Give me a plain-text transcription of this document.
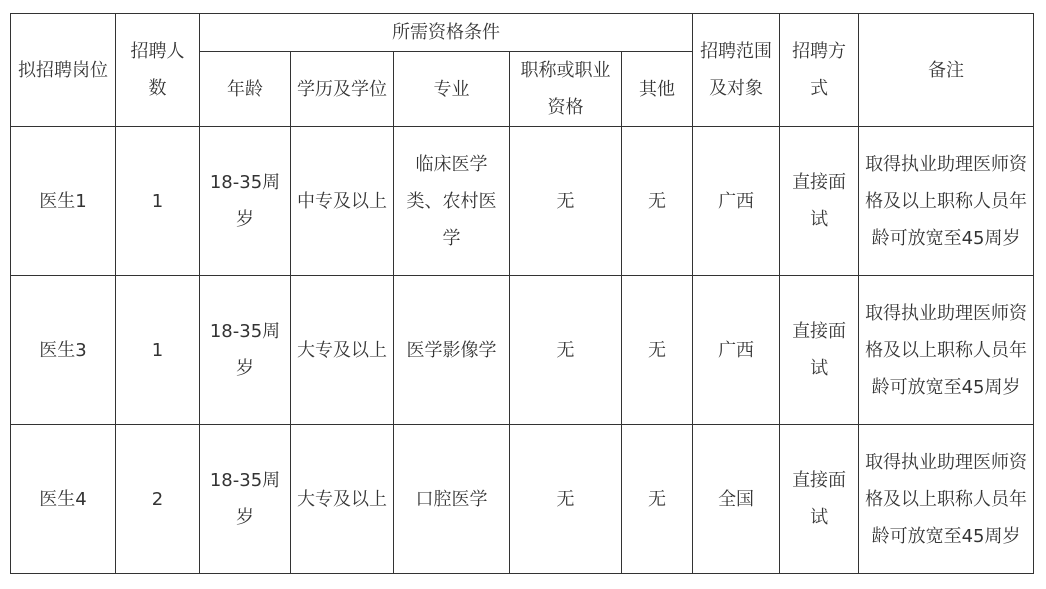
拟招聘岗位	招聘人数	所需资格条件					招聘范围及对象	招聘方式	备注
		年龄	学历及学位	专业	职称或职业资格	其他			
医生1	1	18-35周岁	中专及以上	临床医学类、农村医学	无	无	广西	直接面试	取得执业助理医师资格及以上职称人员年龄可放宽至45周岁
医生3	1	18-35周岁	大专及以上	医学影像学	无	无	广西	直接面试	取得执业助理医师资格及以上职称人员年龄可放宽至45周岁
医生4	2	18-35周岁	大专及以上	口腔医学	无	无	全国	直接面试	取得执业助理医师资格及以上职称人员年龄可放宽至45周岁
